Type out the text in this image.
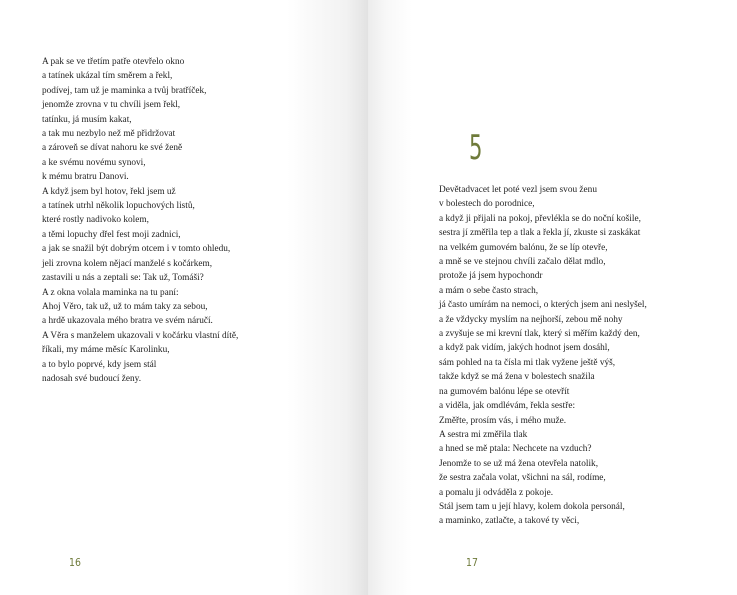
A pak se ve třetím patře otevřelo okno
a tatínek ukázal tím směrem a řekl,
podívej, tam už je maminka a tvůj bratříček,
jenomže zrovna v tu chvíli jsem řekl,
tatínku, já musím kakat,
a tak mu nezbylo než mě přidržovat
a zároveň se dívat nahoru ke své ženě
a ke svému novému synovi,
k mému bratru Danovi.
A když jsem byl hotov, řekl jsem už
a tatínek utrhl několik lopuchových listů,
které rostly nadivoko kolem,
a těmi lopuchy dřel fest moji zadnici,
a jak se snažil být dobrým otcem i v tomto ohledu,
jeli zrovna kolem nějací manželé s kočárkem,
zastavili u nás a zeptali se: Tak už, Tomáši?
A z okna volala maminka na tu paní:
Ahoj Věro, tak už, už to mám taky za sebou,
a hrdě ukazovala mého bratra ve svém náručí.
A Věra s manželem ukazovali v kočárku vlastní dítě,
říkali, my máme měsíc Karolinku,
a to bylo poprvé, kdy jsem stál
nadosah své budoucí ženy.
16
5
Devětadvacet let poté vezl jsem svou ženu
v bolestech do porodnice,
a když ji přijali na pokoj, převlékla se do noční košile,
sestra jí změřila tep a tlak a řekla jí, zkuste si zaskákat
na velkém gumovém balónu, že se líp otevře,
a mně se ve stejnou chvíli začalo dělat mdlo,
protože já jsem hypochondr
a mám o sebe často strach,
já často umírám na nemoci, o kterých jsem ani neslyšel,
a že vždycky myslím na nejhorší, zebou mě nohy
a zvyšuje se mi krevní tlak, který si měřím každý den,
a když pak vidím, jakých hodnot jsem dosáhl,
sám pohled na ta čísla mi tlak vyžene ještě výš,
takže když se má žena v bolestech snažila
na gumovém balónu lépe se otevřít
a viděla, jak omdlévám, řekla sestře:
Změřte, prosím vás, i mého muže.
A sestra mi změřila tlak
a hned se mě ptala: Nechcete na vzduch?
Jenomže to se už má žena otevřela natolik,
že sestra začala volat, všichni na sál, rodíme,
a pomalu ji odváděla z pokoje.
Stál jsem tam u její hlavy, kolem dokola personál,
a maminko, zatlačte, a takové ty věci,
17
